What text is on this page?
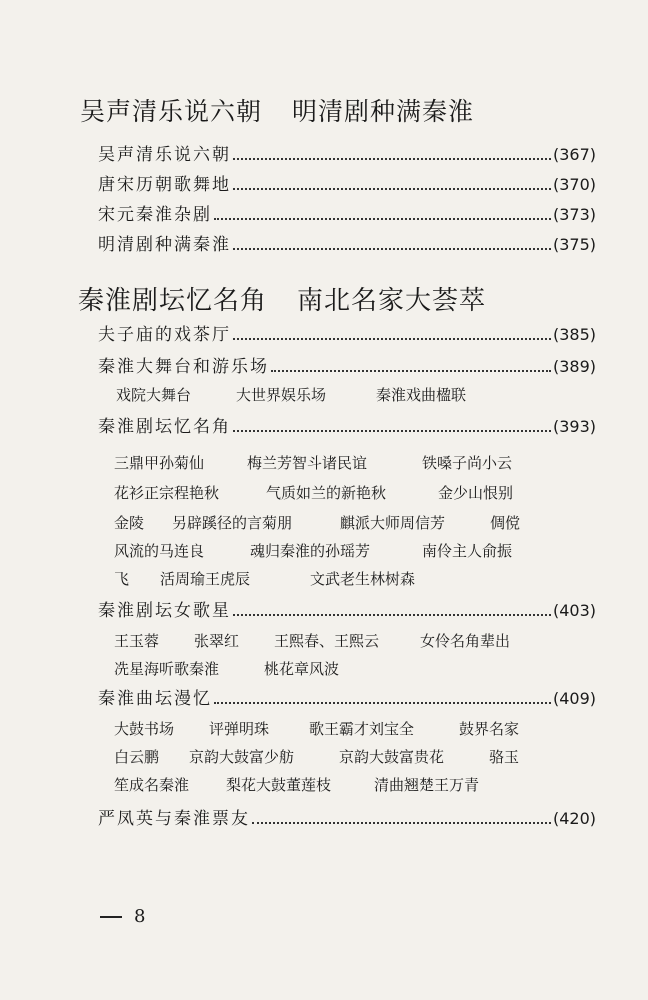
吴声清乐说六朝 明清剧种满秦淮
吴声清乐说六朝	(367)
唐宋历朝歌舞地	(370)
宋元秦淮杂剧	(373)
明清剧种满秦淮	(375)
秦淮剧坛忆名角 南北名家大荟萃
夫子庙的戏茶厅	(385)
秦淮大舞台和游乐场	(389)
戏院大舞台	大世界娱乐场	秦淮戏曲楹联
秦淮剧坛忆名角	(393)
三鼎甲孙菊仙	梅兰芳智斗诸民谊	铁嗓子尚小云
花衫正宗程艳秋	气质如兰的新艳秋	金少山恨别
金陵 另辟蹊径的言菊朋	麒派大师周信芳	倜傥
风流的马连良	魂归秦淮的孙瑶芳	南伶主人俞振
飞 活周瑜王虎辰	文武老生林树森
秦淮剧坛女歌星	(403)
王玉蓉 张翠红 王熙春、王熙云	女伶名角辈出
冼星海听歌秦淮	桃花章风波
秦淮曲坛漫忆	(409)
大鼓书场 评弹明珠	歌王霸才刘宝全	鼓界名家
白云鹏 京韵大鼓富少舫	京韵大鼓富贵花	骆玉
笙成名秦淮 梨花大鼓董莲枝	清曲翘楚王万青
严凤英与秦淮票友	(420)
8
